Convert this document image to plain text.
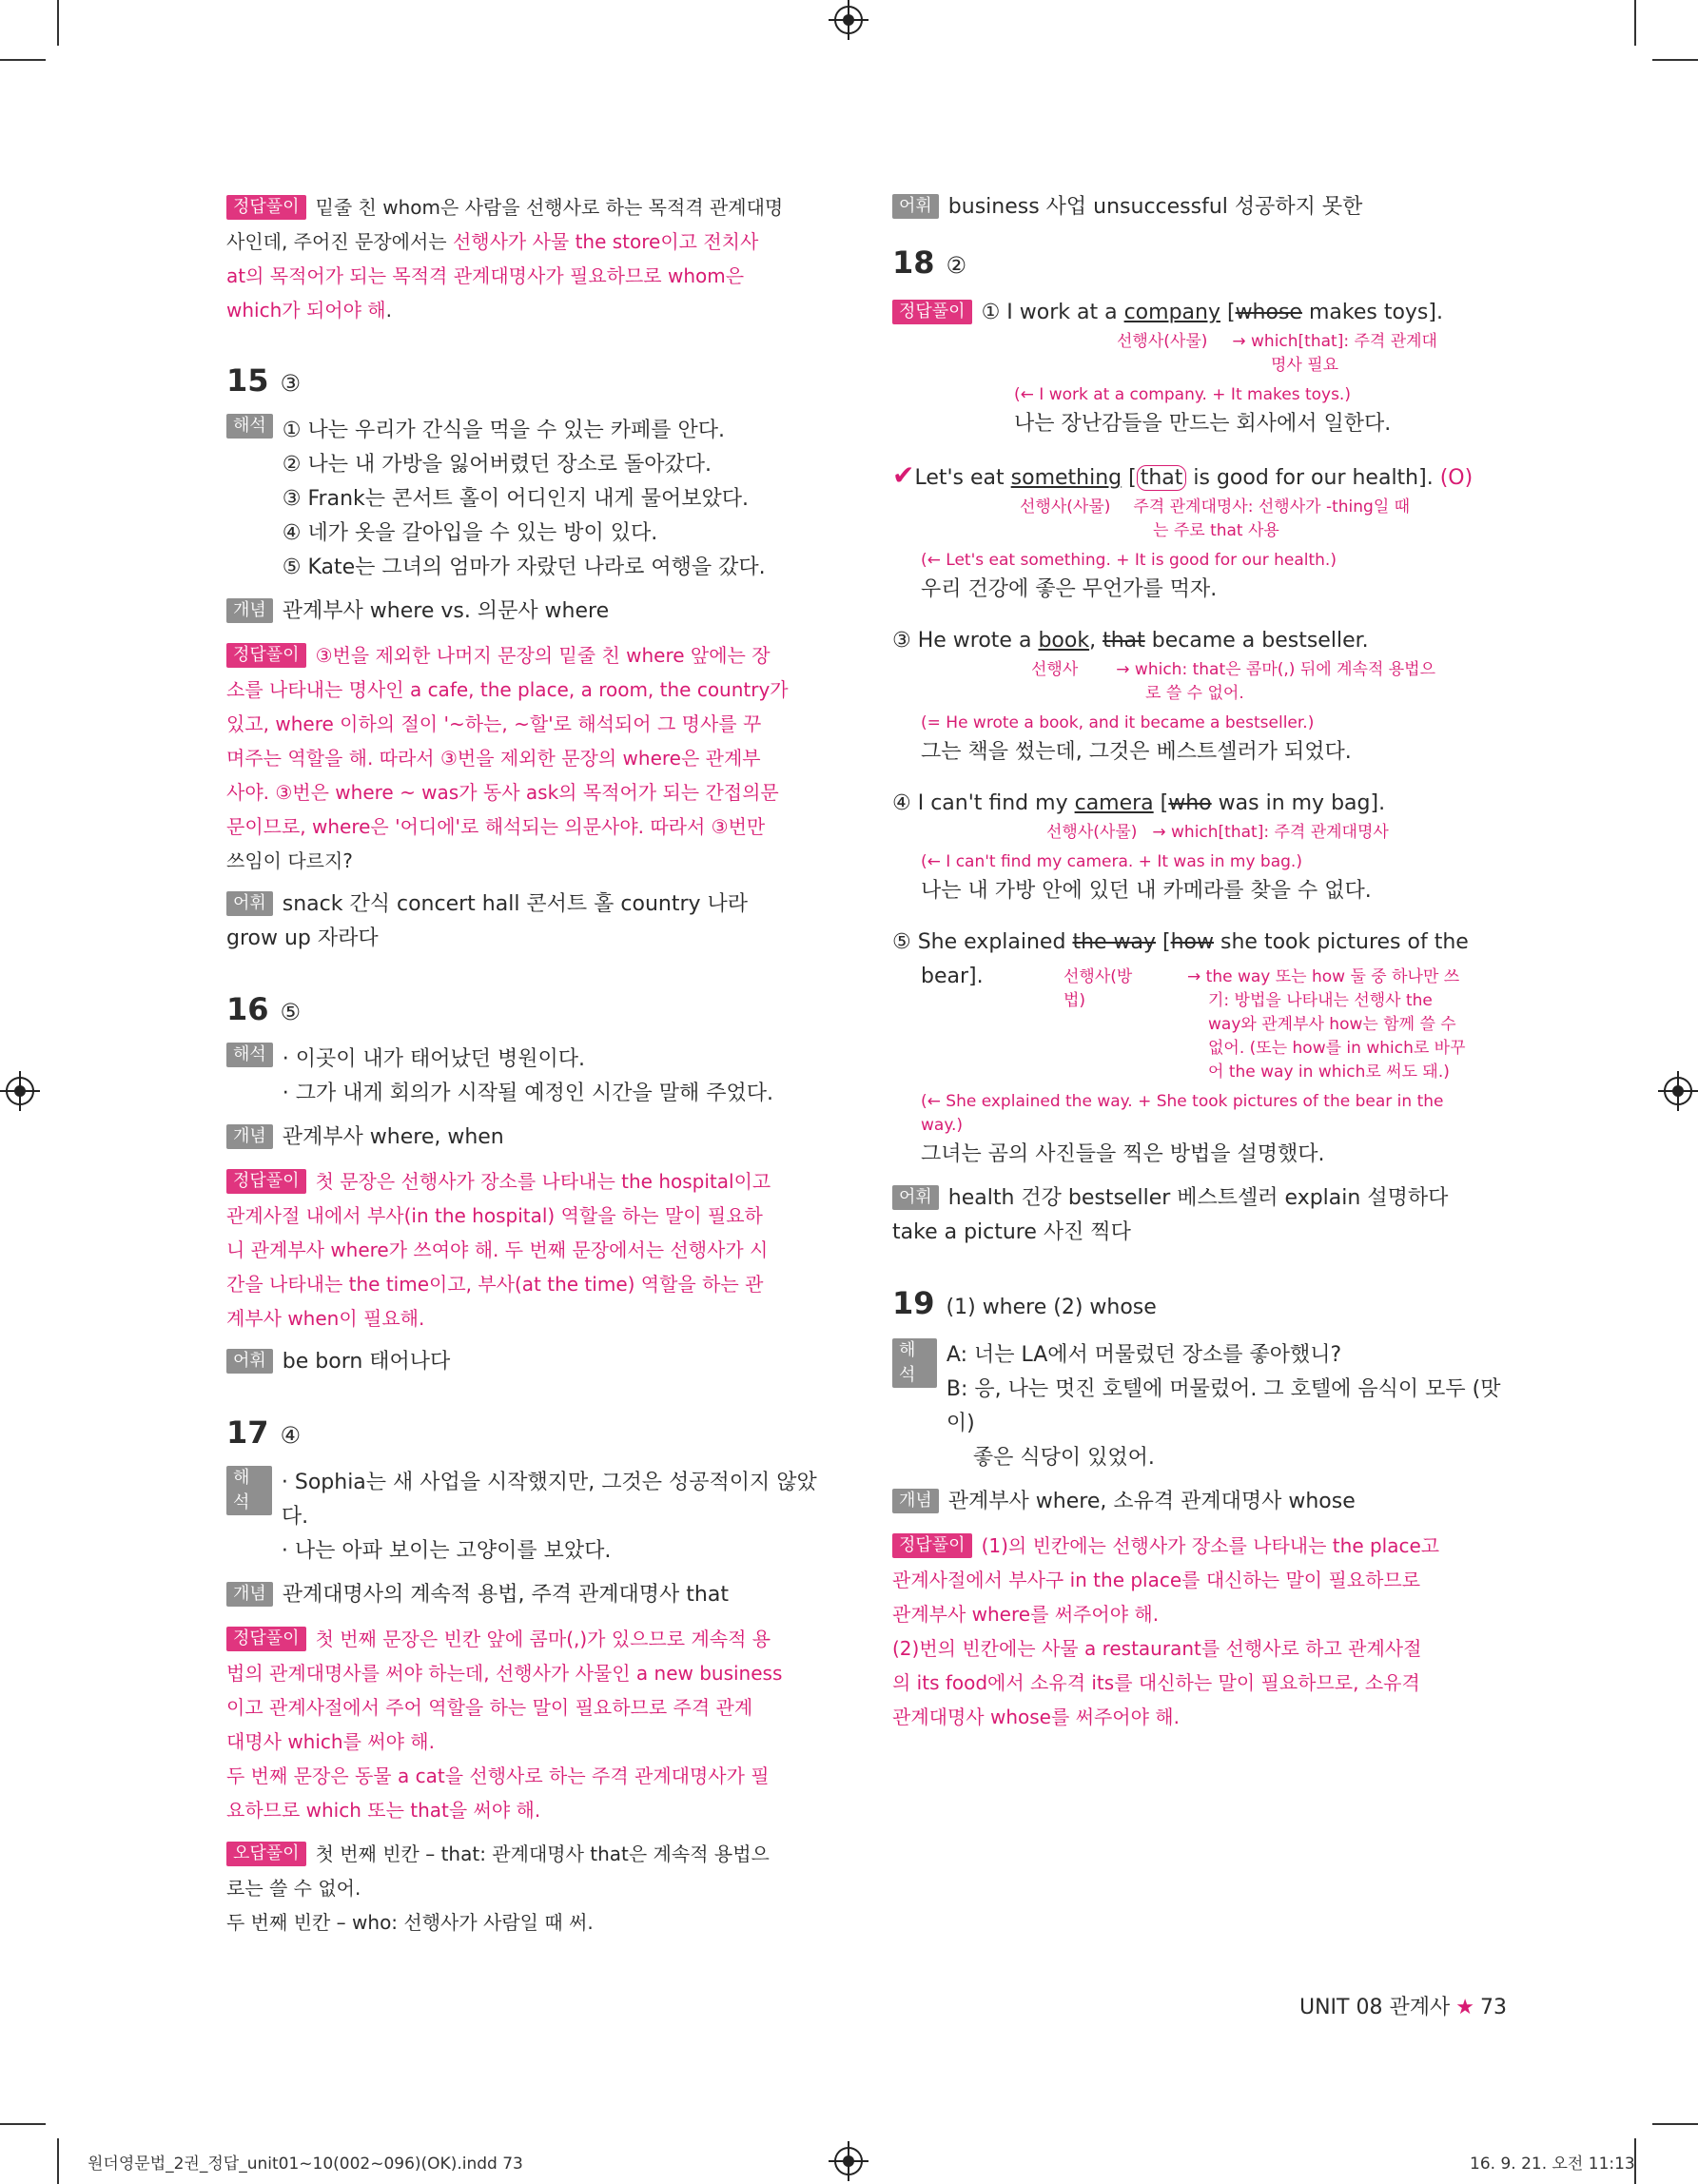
정답풀이 밑줄 친 whom은 사람을 선행사로 하는 목적격 관계대명

사인데, 주어진 문장에서는 선행사가 사물 the store이고 전치사

at의 목적어가 되는 목적격 관계대명사가 필요하므로 whom은

which가 되어야 해.

15 ③

해석 ① 나는 우리가 간식을 먹을 수 있는 카페를 안다.

② 나는 내 가방을 잃어버렸던 장소로 돌아갔다.

③ Frank는 콘서트 홀이 어디인지 내게 물어보았다.

④ 네가 옷을 갈아입을 수 있는 방이 있다.

⑤ Kate는 그녀의 엄마가 자랐던 나라로 여행을 갔다.

개념 관계부사 where vs. 의문사 where

정답풀이 ③번을 제외한 나머지 문장의 밑줄 친 where 앞에는 장

소를 나타내는 명사인 a cafe, the place, a room, the country가

있고, where 이하의 절이 '~하는, ~할'로 해석되어 그 명사를 꾸

며주는 역할을 해. 따라서 ③번을 제외한 문장의 where은 관계부

사야. ③번은 where ~ was가 동사 ask의 목적어가 되는 간접의문

문이므로, where은 '어디에'로 해석되는 의문사야. 따라서 ③번만

쓰임이 다르지?

어휘 snack 간식 concert hall 콘서트 홀 country 나라

grow up 자라다

16 ⑤

해석 · 이곳이 내가 태어났던 병원이다.

· 그가 내게 회의가 시작될 예정인 시간을 말해 주었다.

개념 관계부사 where, when

정답풀이 첫 문장은 선행사가 장소를 나타내는 the hospital이고

관계사절 내에서 부사(in the hospital) 역할을 하는 말이 필요하

니 관계부사 where가 쓰여야 해. 두 번째 문장에서는 선행사가 시

간을 나타내는 the time이고, 부사(at the time) 역할을 하는 관

계부사 when이 필요해.

어휘 be born 태어나다

17 ④

해석

· Sophia는 새 사업을 시작했지만, 그것은 성공적이지 않았다.

· 나는 아파 보이는 고양이를 보았다.

개념 관계대명사의 계속적 용법, 주격 관계대명사 that

정답풀이 첫 번째 문장은 빈칸 앞에 콤마(,)가 있으므로 계속적 용

법의 관계대명사를 써야 하는데, 선행사가 사물인 a new business

이고 관계사절에서 주어 역할을 하는 말이 필요하므로 주격 관계

대명사 which를 써야 해.

두 번째 문장은 동물 a cat을 선행사로 하는 주격 관계대명사가 필

요하므로 which 또는 that을 써야 해.

오답풀이 첫 번째 빈칸 – that: 관계대명사 that은 계속적 용법으

로는 쓸 수 없어.

두 번째 빈칸 – who: 선행사가 사람일 때 써.

어휘 business 사업 unsuccessful 성공하지 못한

18 ②

정답풀이 ① I work at a company [whose makes toys].

선행사(사물) → which[that]: 주격 관계대
명사 필요
(← I work at a company. + It makes toys.)

나는 장난감들을 만드는 회사에서 일한다.

✔Let's eat something [ that is good for our health]. (O)

선행사(사물) 주격 관계대명사: 선행사가 -thing일 때
는 주로 that 사용
(← Let's eat something. + It is good for our health.)

우리 건강에 좋은 무언가를 먹자.

③ He wrote a book, that became a bestseller.

선행사 → which: that은 콤마(,) 뒤에 계속적 용법으
로 쓸 수 없어.
(= He wrote a book, and it became a bestseller.)

그는 책을 썼는데, 그것은 베스트셀러가 되었다.

④ I can't find my camera [who was in my bag].

선행사(사물) → which[that]: 주격 관계대명사
(← I can't find my camera. + It was in my bag.)

나는 내 가방 안에 있던 내 카메라를 찾을 수 없다.

⑤ She explained the way [how she took pictures of the

bear].	선행사(방법)
→ the way 또는 how 둘 중 하나만 쓰
기: 방법을 나타내는 선행사 the
way와 관계부사 how는 함께 쓸 수
없어. (또는 how를 in which로 바꾸
어 the way in which로 써도 돼.)
(← She explained the way. + She took pictures of the bear in the
way.)

그녀는 곰의 사진들을 찍은 방법을 설명했다.

어휘 health 건강 bestseller 베스트셀러 explain 설명하다

take a picture 사진 찍다

19 (1) where (2) whose

해석

A: 너는 LA에서 머물렀던 장소를 좋아했니?

B: 응, 나는 멋진 호텔에 머물렀어. 그 호텔에 음식이 모두 (맛이)

좋은 식당이 있었어.

개념 관계부사 where, 소유격 관계대명사 whose

정답풀이 (1)의 빈칸에는 선행사가 장소를 나타내는 the place고

관계사절에서 부사구 in the place를 대신하는 말이 필요하므로

관계부사 where를 써주어야 해.

(2)번의 빈칸에는 사물 a restaurant를 선행사로 하고 관계사절

의 its food에서 소유격 its를 대신하는 말이 필요하므로, 소유격

관계대명사 whose를 써주어야 해.

UNIT 08 관계사 ★ 73
원더영문법_2권_정답_unit01~10(002~096)(OK).indd 73	16. 9. 21. 오전 11:13
